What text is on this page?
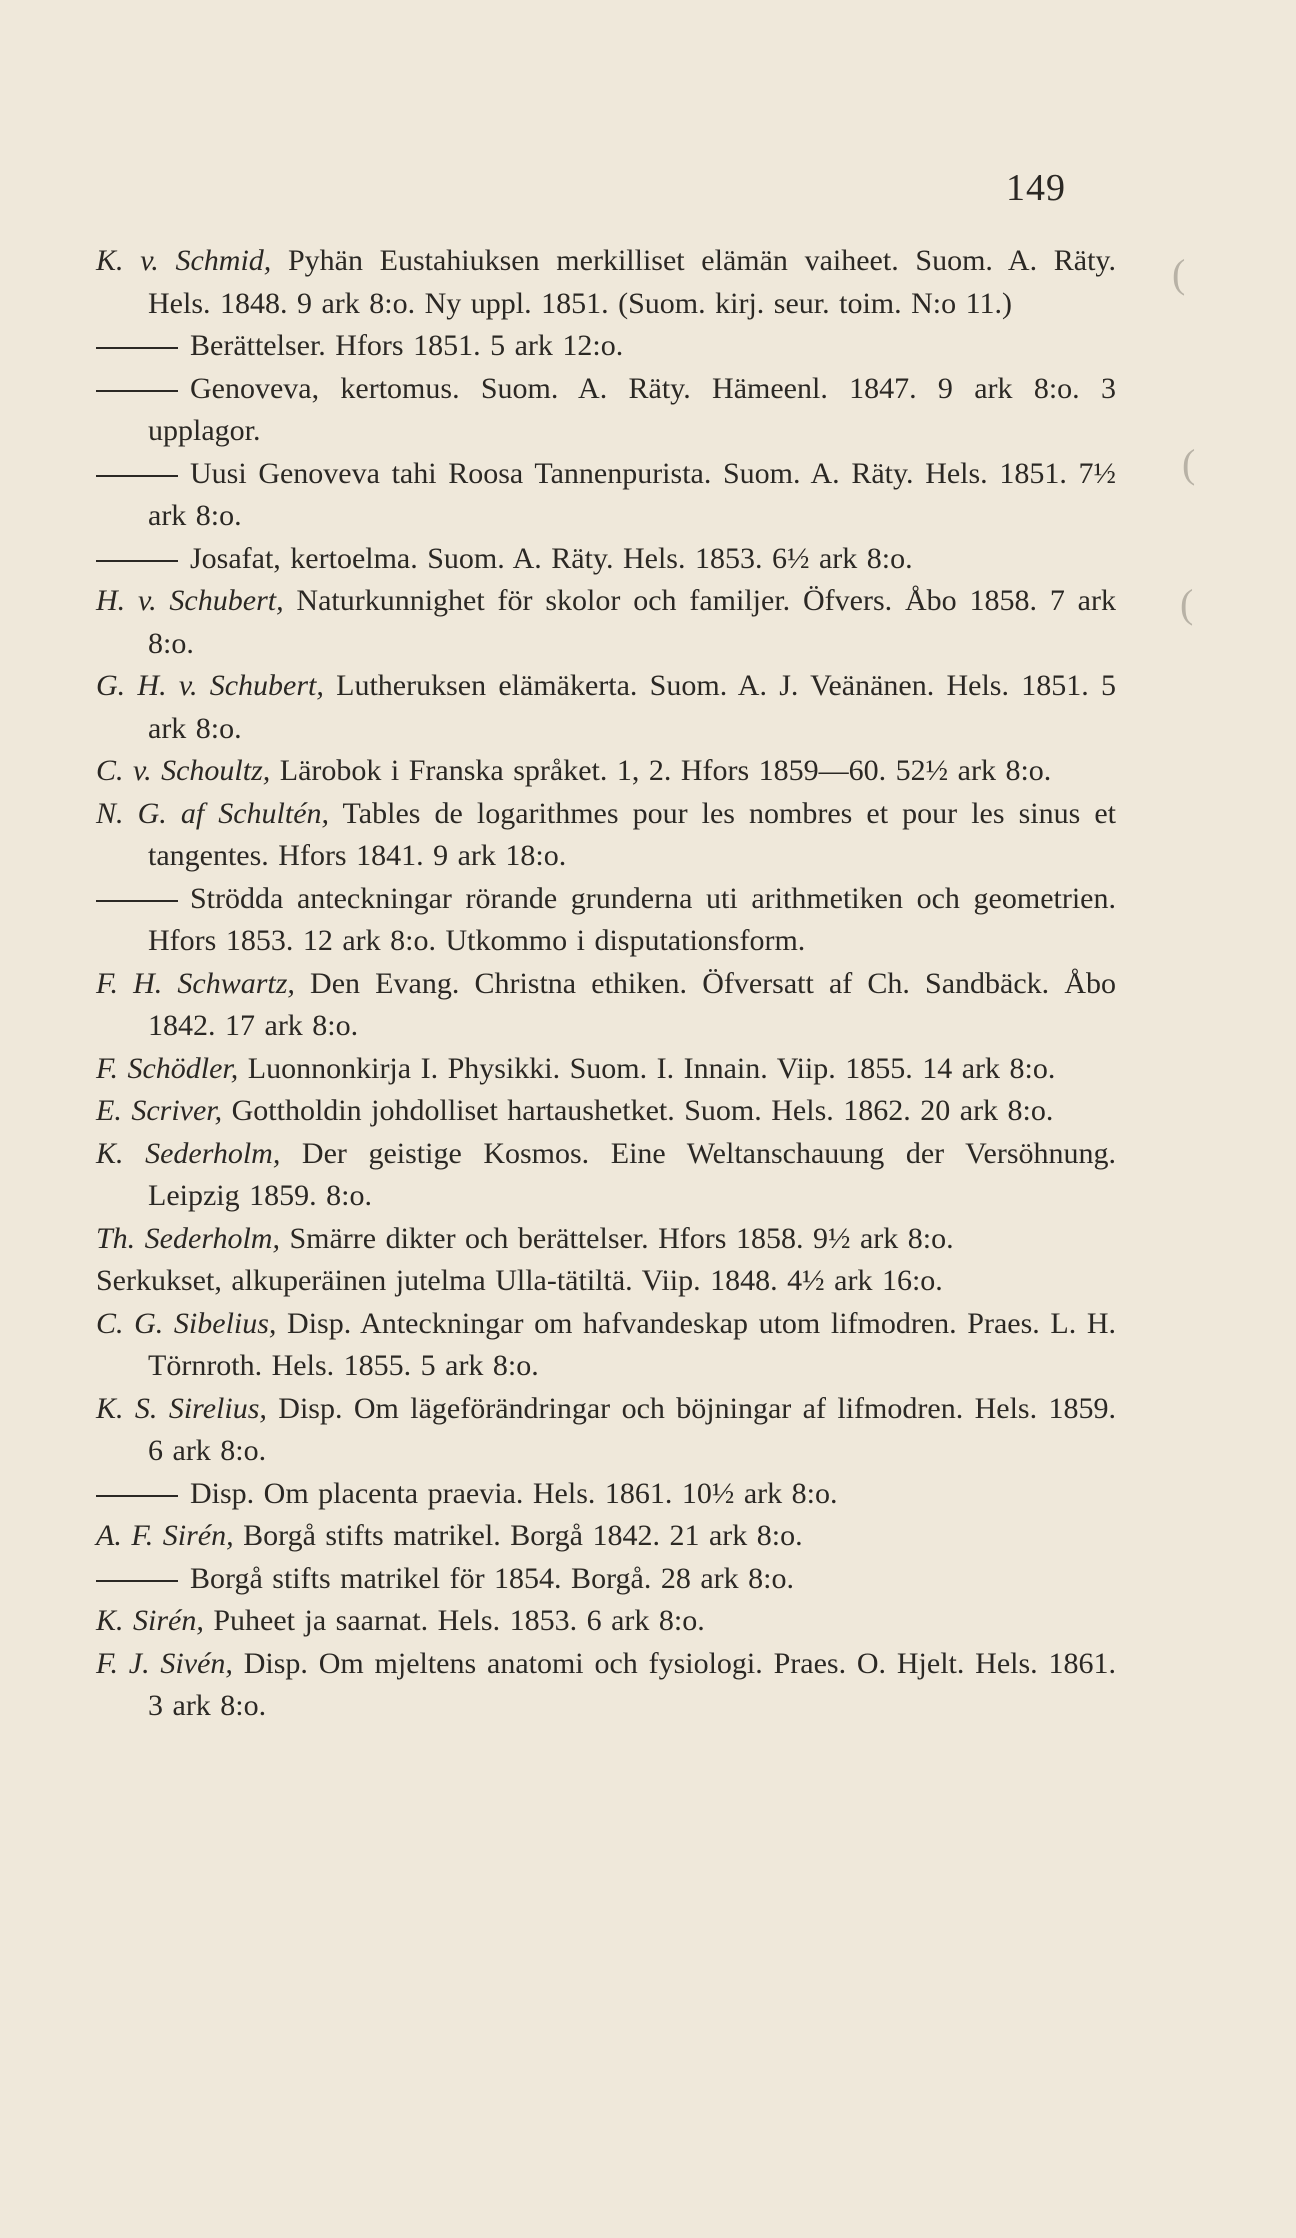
149
(
(
(
K. v. Schmid, Pyhän Eustahiuksen merkilliset elämän vaiheet. Suom. A. Räty. Hels. 1848. 9 ark 8:o. Ny uppl. 1851. (Suom. kirj. seur. toim. N:o 11.)
Berättelser. Hfors 1851. 5 ark 12:o.
Genoveva, kertomus. Suom. A. Räty. Hämeenl. 1847. 9 ark 8:o. 3 upplagor.
Uusi Genoveva tahi Roosa Tannenpurista. Suom. A. Räty. Hels. 1851. 7½ ark 8:o.
Josafat, kertoelma. Suom. A. Räty. Hels. 1853. 6½ ark 8:o.
H. v. Schubert, Naturkunnighet för skolor och familjer. Öfvers. Åbo 1858. 7 ark 8:o.
G. H. v. Schubert, Lutheruksen elämäkerta. Suom. A. J. Veänänen. Hels. 1851. 5 ark 8:o.
C. v. Schoultz, Lärobok i Franska språket. 1, 2. Hfors 1859—60. 52½ ark 8:o.
N. G. af Schultén, Tables de logarithmes pour les nombres et pour les sinus et tangentes. Hfors 1841. 9 ark 18:o.
Strödda anteckningar rörande grunderna uti arithmetiken och geometrien. Hfors 1853. 12 ark 8:o. Utkommo i disputationsform.
F. H. Schwartz, Den Evang. Christna ethiken. Öfversatt af Ch. Sandbäck. Åbo 1842. 17 ark 8:o.
F. Schödler, Luonnonkirja I. Physikki. Suom. I. Innain. Viip. 1855. 14 ark 8:o.
E. Scriver, Gottholdin johdolliset hartaushetket. Suom. Hels. 1862. 20 ark 8:o.
K. Sederholm, Der geistige Kosmos. Eine Weltanschauung der Versöhnung. Leipzig 1859. 8:o.
Th. Sederholm, Smärre dikter och berättelser. Hfors 1858. 9½ ark 8:o.
Serkukset, alkuperäinen jutelma Ulla-tätiltä. Viip. 1848. 4½ ark 16:o.
C. G. Sibelius, Disp. Anteckningar om hafvandeskap utom lifmodren. Praes. L. H. Törnroth. Hels. 1855. 5 ark 8:o.
K. S. Sirelius, Disp. Om lägeförändringar och böjningar af lifmodren. Hels. 1859. 6 ark 8:o.
Disp. Om placenta praevia. Hels. 1861. 10½ ark 8:o.
A. F. Sirén, Borgå stifts matrikel. Borgå 1842. 21 ark 8:o.
Borgå stifts matrikel för 1854. Borgå. 28 ark 8:o.
K. Sirén, Puheet ja saarnat. Hels. 1853. 6 ark 8:o.
F. J. Sivén, Disp. Om mjeltens anatomi och fysiologi. Praes. O. Hjelt. Hels. 1861. 3 ark 8:o.
